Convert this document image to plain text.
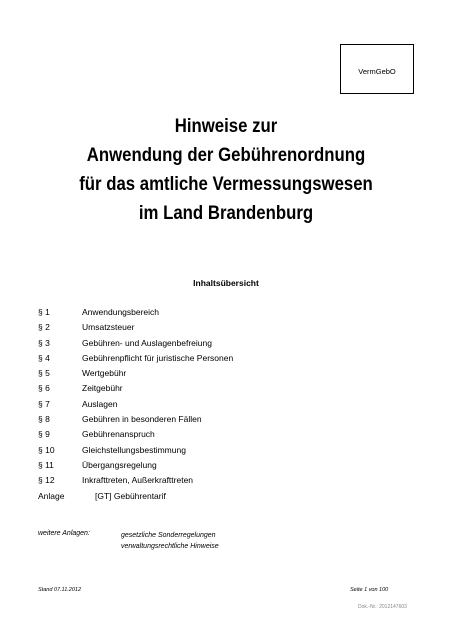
VermGebO
Hinweise zur
Anwendung der Gebührenordnung
für das amtliche Vermessungswesen
im Land Brandenburg
Inhaltsübersicht
§ 1	Anwendungsbereich
§ 2	Umsatzsteuer
§ 3	Gebühren- und Auslagenbefreiung
§ 4	Gebührenpflicht für juristische Personen
§ 5	Wertgebühr
§ 6	Zeitgebühr
§ 7	Auslagen
§ 8	Gebühren in besonderen Fällen
§ 9	Gebührenanspruch
§ 10	Gleichstellungsbestimmung
§ 11	Übergangsregelung
§ 12	Inkrafttreten, Außerkrafttreten
Anlage	[GT] Gebührentarif
weitere Anlagen:	gesetzliche Sonderregelungen
verwaltungsrechtliche Hinweise
Stand 07.11.2012	Seite 1 von 100
Dok.-Nr.: 2012147603
